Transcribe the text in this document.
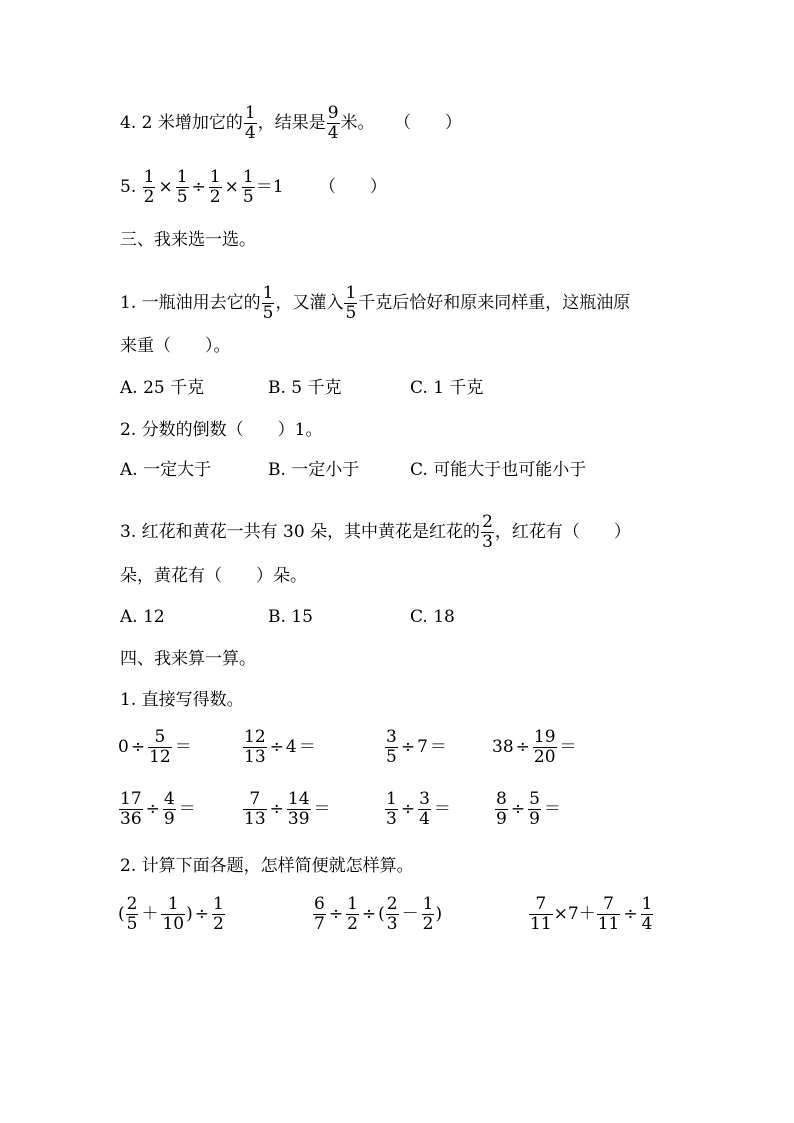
4. 2 米增加它的 $\frac{1}{4}$ ，结果是 $\frac{9}{4}$ 米。 （　　）
5. $\frac{1}{2} \times \frac{1}{5} \div \frac{1}{2} \times \frac{1}{5} =1$ （　　）
三、我来选一选。
1. 一瓶油用去它的 $\frac{1}{5}$ ，又灌入 $\frac{1}{5}$ 千克后恰好和原来同样重，这瓶油原
来重（　　）。
A. 25 千克	B. 5 千克	C. 1 千克
2. 分数的倒数（　　）1。
A. 一定大于	B. 一定小于	C. 可能大于也可能小于
3. 红花和黄花一共有 30 朵，其中黄花是红花的 $\frac{2}{3}$ ，红花有（　　）
朵，黄花有（　　）朵。
A. 12	B. 15	C. 18
四、我来算一算。
1. 直接写得数。
$0 \div \frac{5}{12}$ ＝	$\frac{12}{13} \div 4$ ＝	$\frac{3}{5} \div 7$ ＝	$38 \div \frac{19}{20}$ ＝
$\frac{17}{36} \div \frac{4}{9}$ ＝	$\frac{7}{13} \div \frac{14}{39}$ ＝	$\frac{1}{3} \div \frac{3}{4}$ ＝	$\frac{8}{9} \div \frac{5}{9}$ ＝
2. 计算下面各题，怎样简便就怎样算。
( $\frac{2}{5} + \frac{1}{10}$ ) ÷ $\frac{1}{2}$	$\frac{6}{7} \div \frac{1}{2}$ ÷ ( $\frac{2}{3} - \frac{1}{2}$ )	$\frac{7}{11} \times 7+ \frac{7}{11} \div \frac{1}{4}$
